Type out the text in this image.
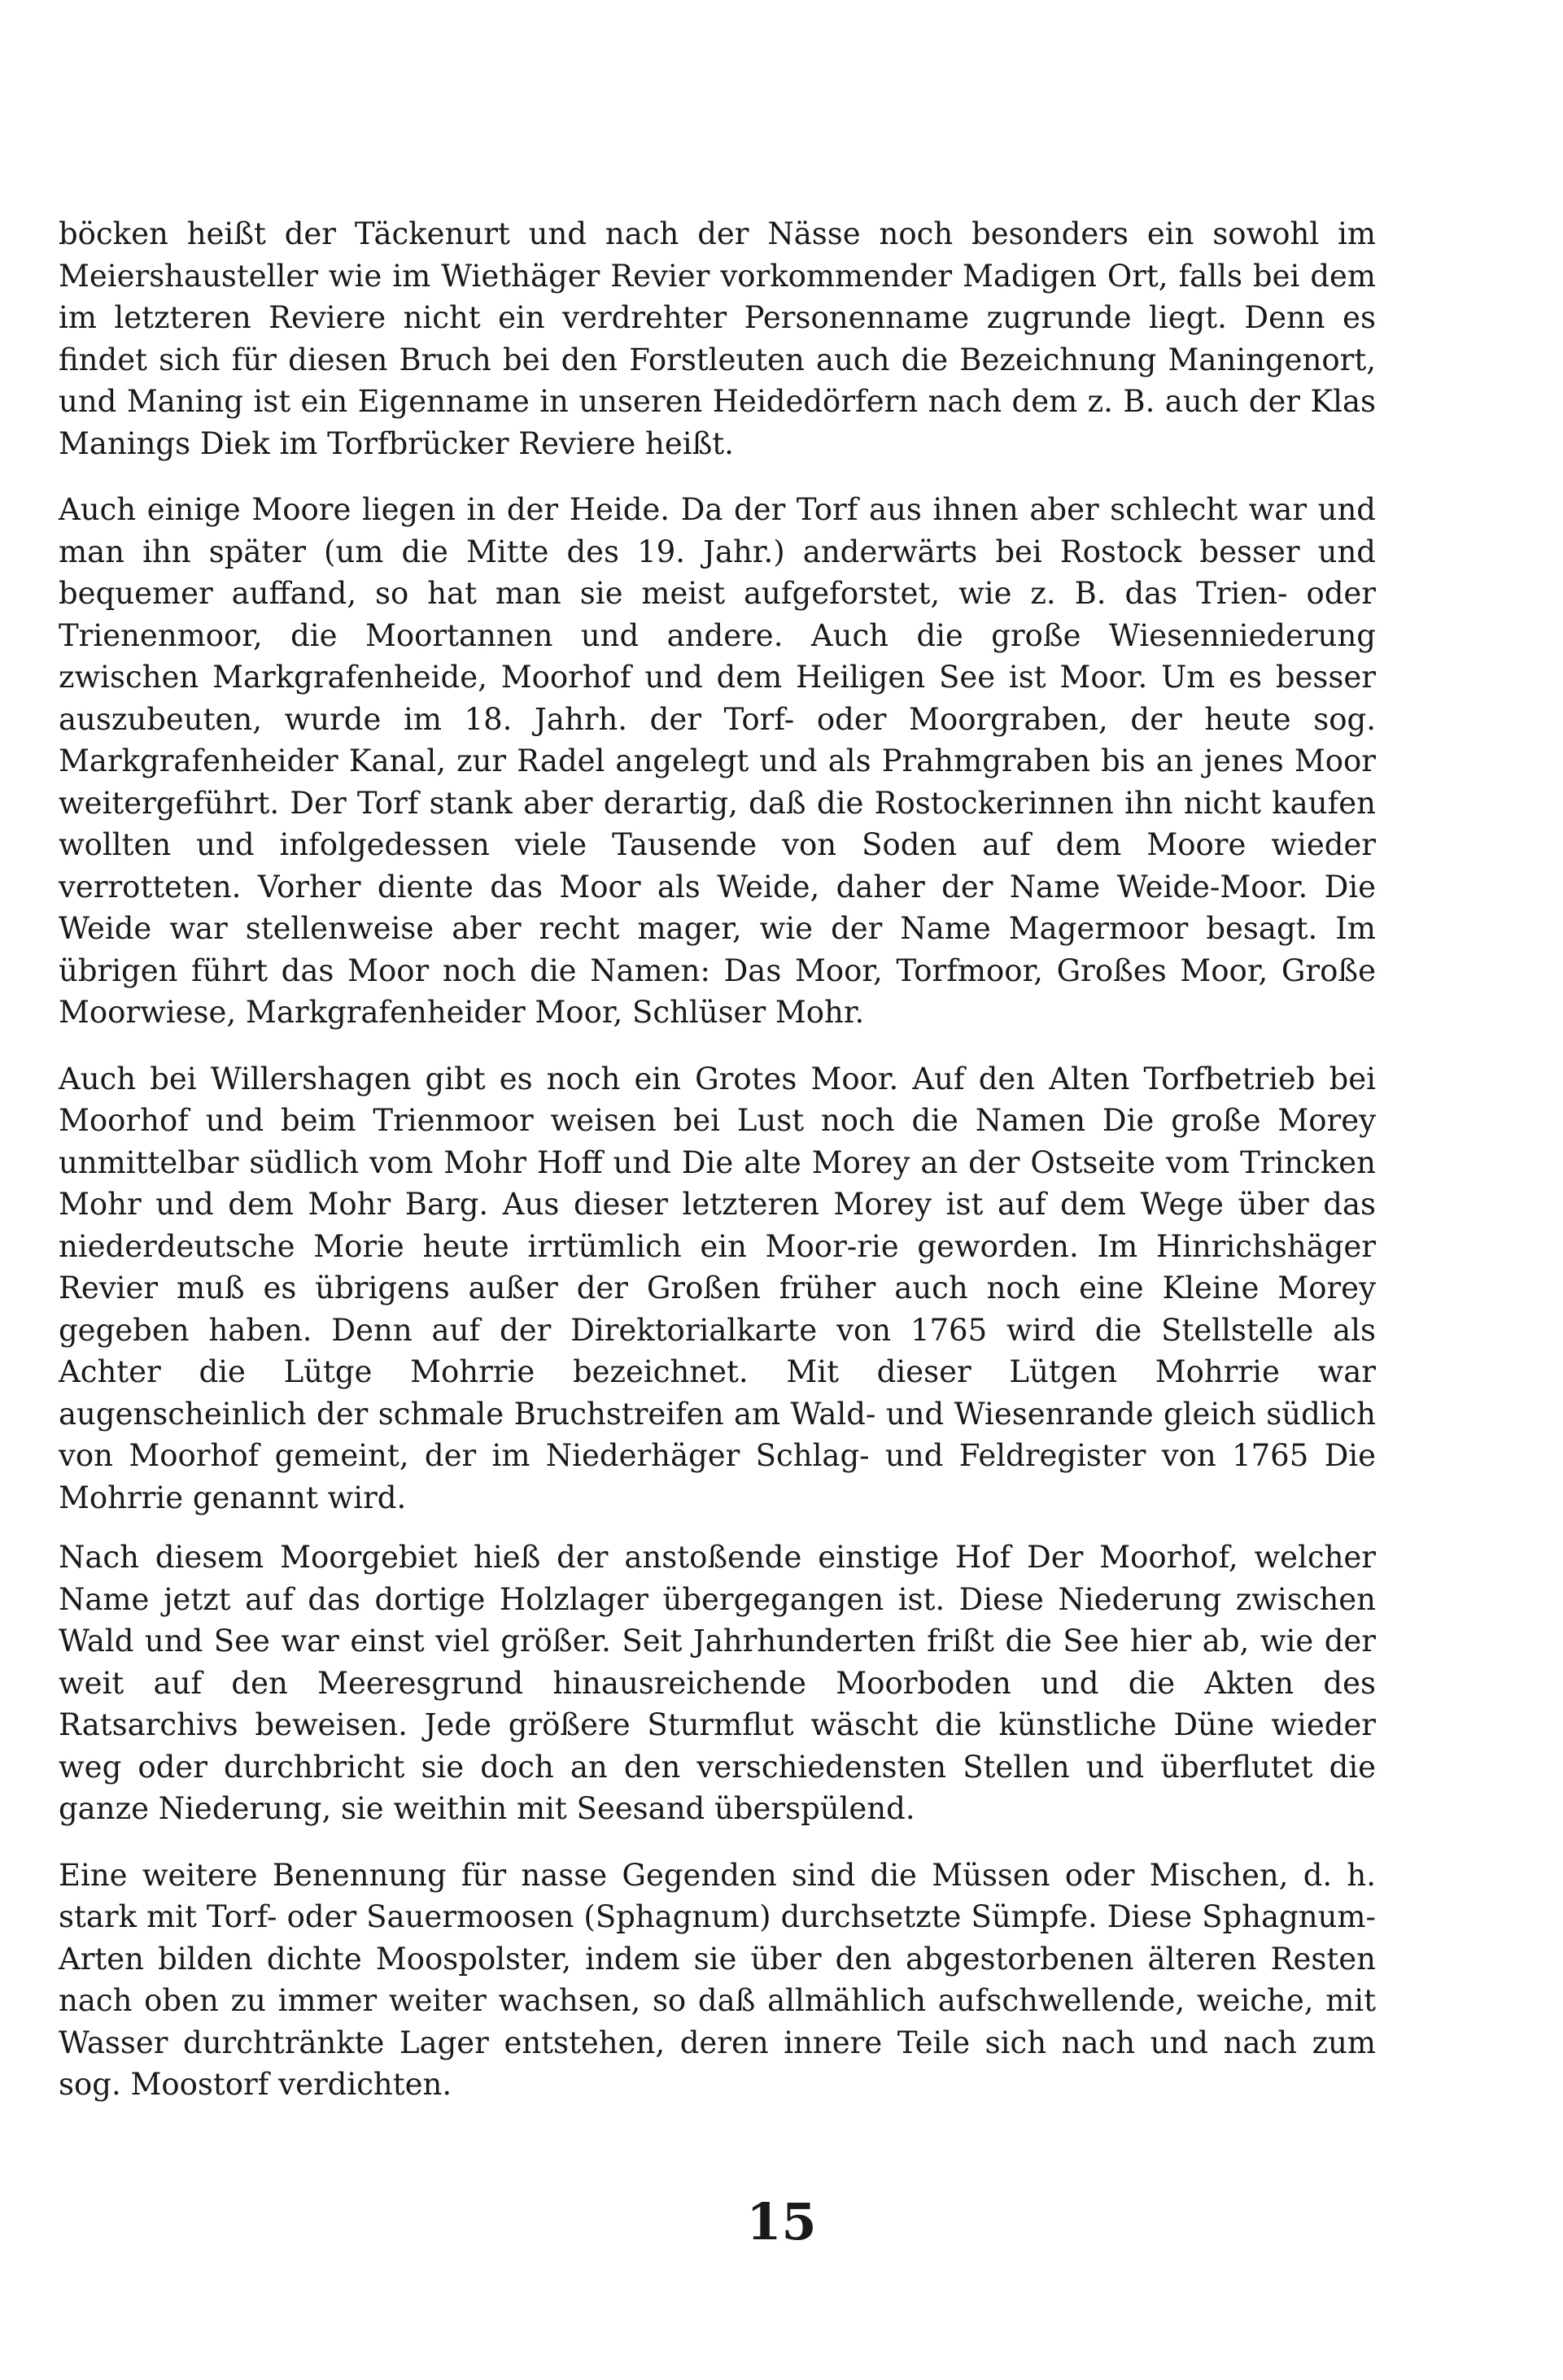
böcken heißt der Täckenurt und nach der Nässe noch besonders ein sowohl im Meiershausteller wie im Wiethäger Revier vorkommender Madigen Ort, falls bei dem im letzteren Reviere nicht ein verdrehter Personenname zugrunde liegt. Denn es findet sich für diesen Bruch bei den Forstleuten auch die Bezeichnung Maningenort, und Maning ist ein Eigenname in unseren Heidedörfern nach dem z. B. auch der Klas Manings Diek im Torfbrücker Reviere heißt.

Auch einige Moore liegen in der Heide. Da der Torf aus ihnen aber schlecht war und man ihn später (um die Mitte des 19. Jahr.) anderwärts bei Rostock besser und bequemer auffand, so hat man sie meist aufgeforstet, wie z. B. das Trien- oder Trienenmoor, die Moortannen und andere. Auch die große Wiesenniederung zwischen Markgrafenheide, Moorhof und dem Heiligen See ist Moor. Um es besser auszubeuten, wurde im 18. Jahrh. der Torf- oder Moorgraben, der heute sog. Markgrafenheider Kanal, zur Radel angelegt und als Prahmgraben bis an jenes Moor weitergeführt. Der Torf stank aber derartig, daß die Rostockerinnen ihn nicht kaufen wollten und infolgedessen viele Tausende von Soden auf dem Moore wieder verrotteten. Vorher diente das Moor als Weide, daher der Name Weide-Moor. Die Weide war stellenweise aber recht mager, wie der Name Magermoor besagt. Im übrigen führt das Moor noch die Namen: Das Moor, Torfmoor, Großes Moor, Große Moorwiese, Markgrafenheider Moor, Schlüser Mohr.

Auch bei Willershagen gibt es noch ein Grotes Moor. Auf den Alten Torfbetrieb bei Moorhof und beim Trienmoor weisen bei Lust noch die Namen Die große Morey unmittelbar südlich vom Mohr Hoff und Die alte Morey an der Ostseite vom Trincken Mohr und dem Mohr Barg. Aus dieser letzteren Morey ist auf dem Wege über das niederdeutsche Morie heute irrtümlich ein Moor-rie geworden. Im Hinrichshäger Revier muß es übrigens außer der Großen früher auch noch eine Kleine Morey gegeben haben. Denn auf der Direktorialkarte von 1765 wird die Stellstelle als Achter die Lütge Mohrrie bezeichnet. Mit dieser Lütgen Mohrrie war augenscheinlich der schmale Bruchstreifen am Wald- und Wiesenrande gleich südlich von Moorhof gemeint, der im Niederhäger Schlag- und Feldregister von 1765 Die Mohrrie genannt wird.

Nach diesem Moorgebiet hieß der anstoßende einstige Hof Der Moorhof, welcher Name jetzt auf das dortige Holzlager übergegangen ist. Diese Niederung zwischen Wald und See war einst viel größer. Seit Jahrhunderten frißt die See hier ab, wie der weit auf den Meeresgrund hinausreichende Moorboden und die Akten des Ratsarchivs beweisen. Jede größere Sturmflut wäscht die künstliche Düne wieder weg oder durchbricht sie doch an den verschiedensten Stellen und überflutet die ganze Niederung, sie weithin mit Seesand überspülend.

Eine weitere Benennung für nasse Gegenden sind die Müssen oder Mischen, d. h. stark mit Torf- oder Sauermoosen (Sphagnum) durchsetzte Sümpfe. Diese Sphagnum-Arten bilden dichte Moospolster, indem sie über den abgestorbenen älteren Resten nach oben zu immer weiter wachsen, so daß allmählich aufschwellende, weiche, mit Wasser durchtränkte Lager entstehen, deren innere Teile sich nach und nach zum sog. Moostorf verdichten.

15
